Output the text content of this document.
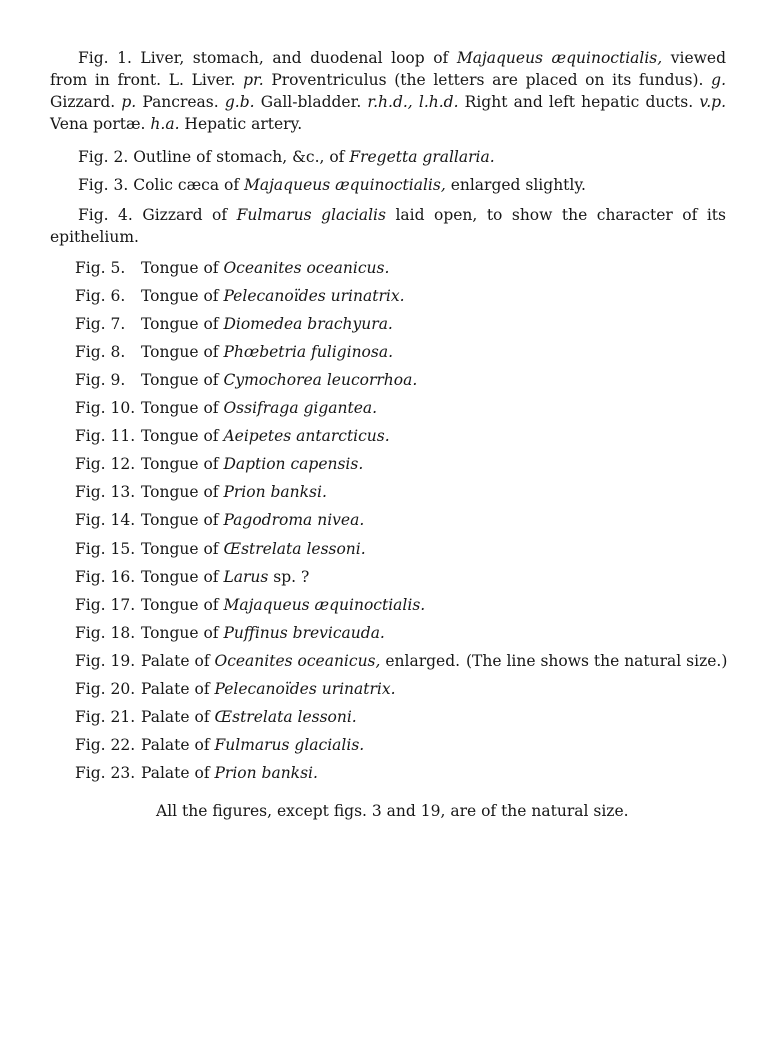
Fig. 1. Liver, stomach, and duodenal loop of Majaqueus æquinoctialis, viewed from in front. L. Liver. pr. Proventriculus (the letters are placed on its fundus). g. Gizzard. p. Pancreas. g.b. Gall-bladder. r.h.d., l.h.d. Right and left hepatic ducts. v.p. Vena portæ. h.a. Hepatic artery.

Fig. 2. Outline of stomach, &c., of Fregetta grallaria.

Fig. 3. Colic cæca of Majaqueus æquinoctialis, enlarged slightly.

Fig. 4. Gizzard of Fulmarus glacialis laid open, to show the character of its epithelium.

Fig. 5. Tongue of Oceanites oceanicus.

Fig. 6. Tongue of Pelecanoïdes urinatrix.

Fig. 7. Tongue of Diomedea brachyura.

Fig. 8. Tongue of Phœbetria fuliginosa.

Fig. 9. Tongue of Cymochorea leucorrhoa.

Fig. 10. Tongue of Ossifraga gigantea.

Fig. 11. Tongue of Aeipetes antarcticus.

Fig. 12. Tongue of Daption capensis.

Fig. 13. Tongue of Prion banksi.

Fig. 14. Tongue of Pagodroma nivea.

Fig. 15. Tongue of Œstrelata lessoni.

Fig. 16. Tongue of Larus sp. ?

Fig. 17. Tongue of Majaqueus æquinoctialis.

Fig. 18. Tongue of Puffinus brevicauda.

Fig. 19. Palate of Oceanites oceanicus, enlarged. (The line shows the natural size.)

Fig. 20. Palate of Pelecanoïdes urinatrix.

Fig. 21. Palate of Œstrelata lessoni.

Fig. 22. Palate of Fulmarus glacialis.

Fig. 23. Palate of Prion banksi.

All the figures, except figs. 3 and 19, are of the natural size.
